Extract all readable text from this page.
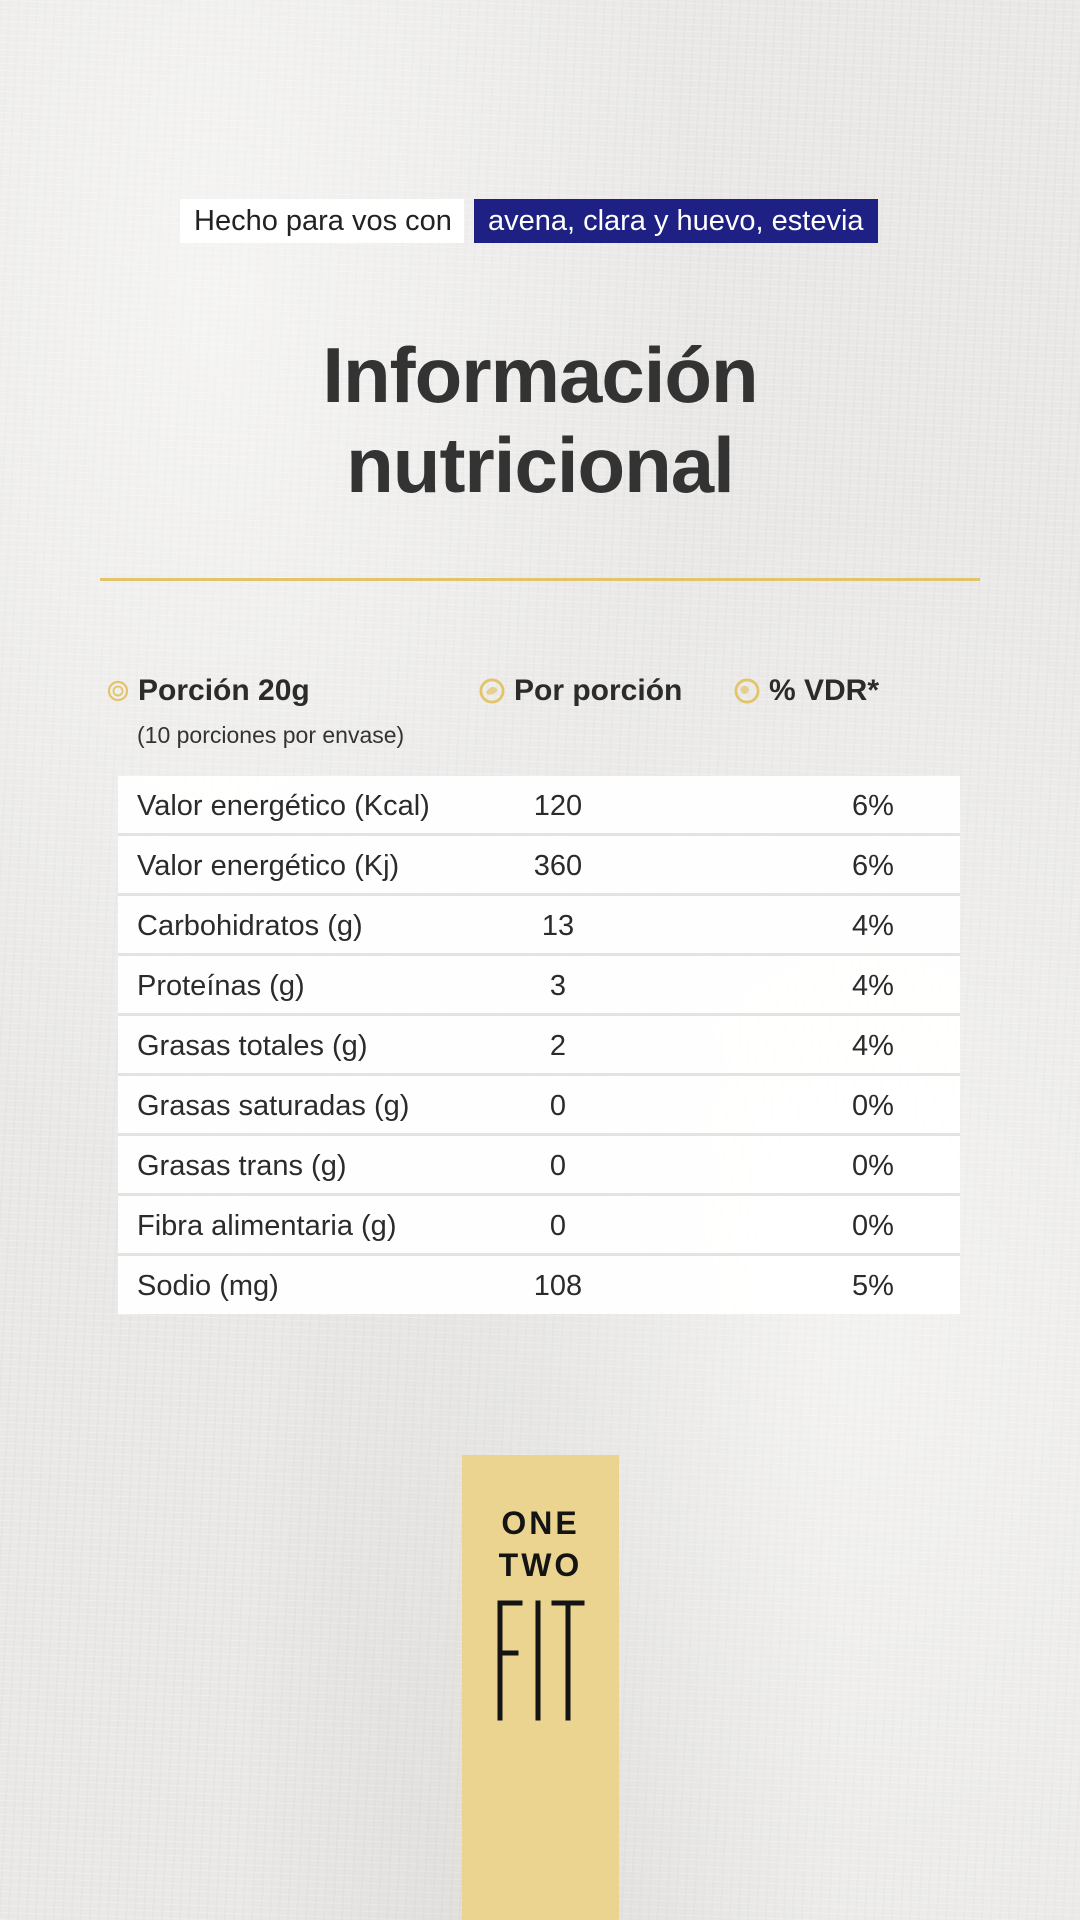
Hecho para vos con	avena, clara y huevo, estevia
Información
nutricional
Porción 20g
(10 porciones por envase)
Por porción	% VDR*
Valor energético (Kcal)	120	6%
Valor energético (Kj)	360	6%
Carbohidratos (g)	13	4%
Proteínas (g)	3	4%
Grasas totales (g)	2	4%
Grasas saturadas (g)	0	0%
Grasas trans (g)	0	0%
Fibra alimentaria (g)	0	0%
Sodio (mg)	108	5%
ONE
TWO
